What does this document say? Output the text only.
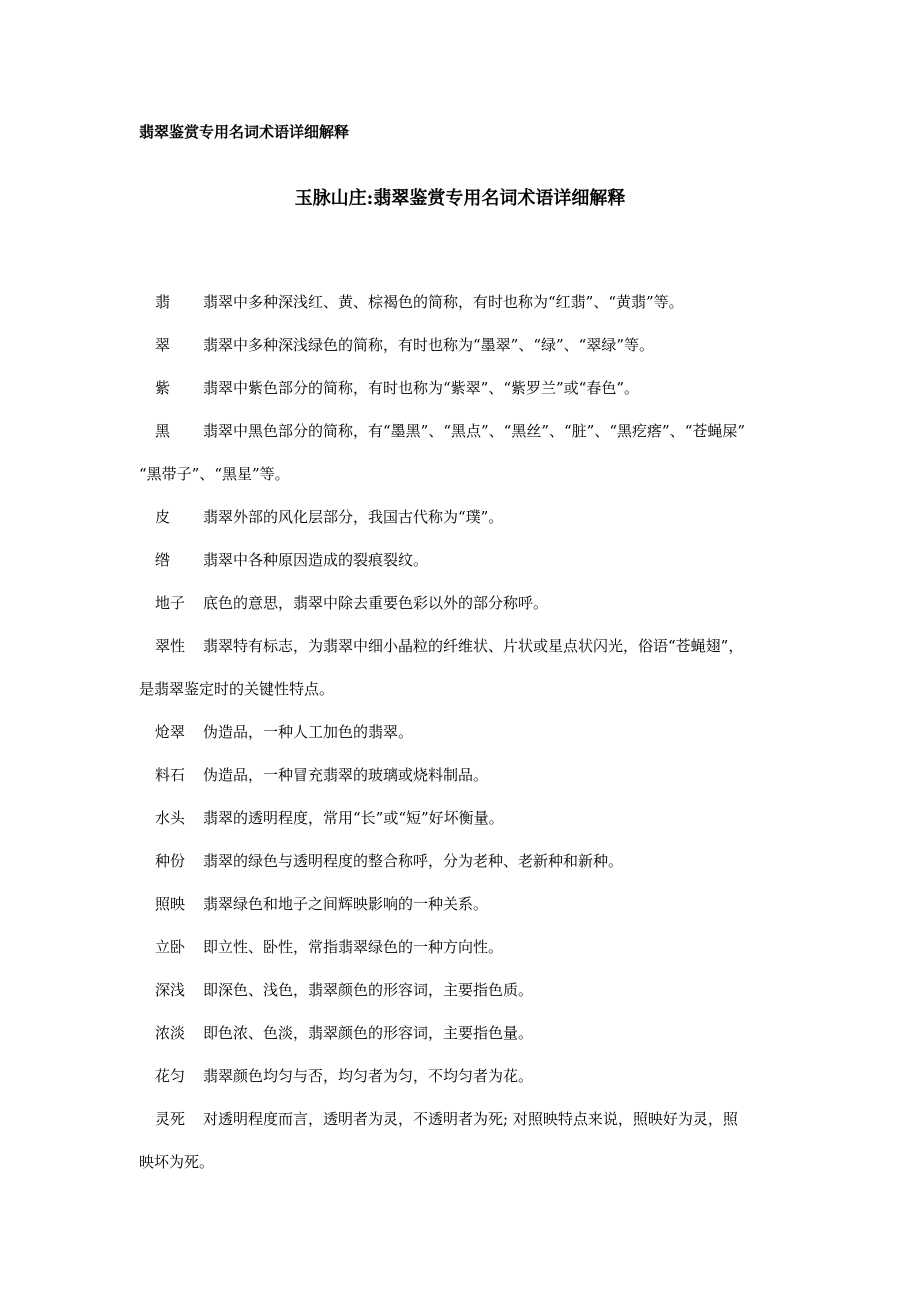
翡翠鉴赏专用名词术语详细解释
玉脉山庄:翡翠鉴赏专用名词术语详细解释
翡 翡翠中多种深浅红、黄、棕褐色的简称，有时也称为“红翡”、“黄翡”等。
翠 翡翠中多种深浅绿色的简称，有时也称为“墨翠”、“绿”、“翠绿”等。
紫 翡翠中紫色部分的简称，有时也称为“紫翠”、“紫罗兰”或“春色”。
黑 翡翠中黑色部分的简称，有“墨黑”、“黑点”、“黑丝”、“脏”、“黑疙瘩”、“苍蝇屎”
“黑带子”、“黑星”等。
皮 翡翠外部的风化层部分，我国古代称为“璞”。
绺 翡翠中各种原因造成的裂痕裂纹。
地子 底色的意思，翡翠中除去重要色彩以外的部分称呼。
翠性 翡翠特有标志，为翡翠中细小晶粒的纤维状、片状或星点状闪光，俗语“苍蝇翅”，
是翡翠鉴定时的关键性特点。
炝翠 伪造品，一种人工加色的翡翠。
料石 伪造品，一种冒充翡翠的玻璃或烧料制品。
水头 翡翠的透明程度，常用“长”或“短”好坏衡量。
种份 翡翠的绿色与透明程度的整合称呼，分为老种、老新种和新种。
照映 翡翠绿色和地子之间辉映影响的一种关系。
立卧 即立性、卧性，常指翡翠绿色的一种方向性。
深浅 即深色、浅色，翡翠颜色的形容词，主要指色质。
浓淡 即色浓、色淡，翡翠颜色的形容词，主要指色量。
花匀 翡翠颜色均匀与否，均匀者为匀，不均匀者为花。
灵死 对透明程度而言，透明者为灵，不透明者为死; 对照映特点来说，照映好为灵，照
映坏为死。
